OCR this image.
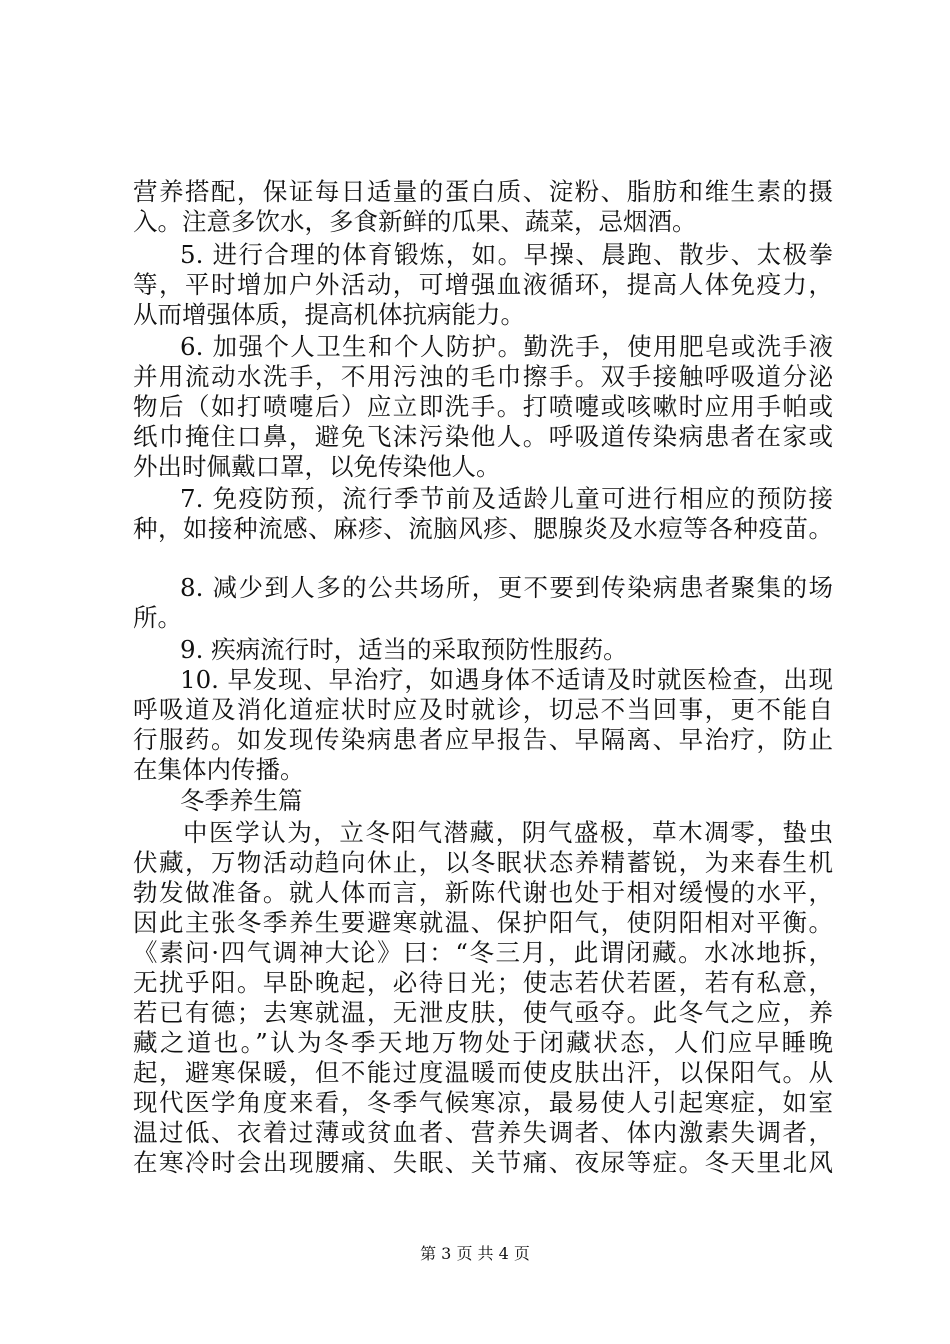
营养搭配，保证每日适量的蛋白质、淀粉、脂肪和维生素的摄
入。注意多饮水，多食新鲜的瓜果、蔬菜，忌烟酒。
5. 进行合理的体育锻炼，如。早操、晨跑、散步、太极拳
等，平时增加户外活动，可增强血液循环，提高人体免疫力，
从而增强体质，提高机体抗病能力。
6. 加强个人卫生和个人防护。勤洗手，使用肥皂或洗手液
并用流动水洗手，不用污浊的毛巾擦手。双手接触呼吸道分泌
物后（如打喷嚏后）应立即洗手。打喷嚏或咳嗽时应用手帕或
纸巾掩住口鼻，避免飞沫污染他人。呼吸道传染病患者在家或
外出时佩戴口罩，以免传染他人。
7. 免疫防预，流行季节前及适龄儿童可进行相应的预防接
种，如接种流感、麻疹、流脑风疹、腮腺炎及水痘等各种疫苗。
8. 减少到人多的公共场所，更不要到传染病患者聚集的场
所。
9. 疾病流行时，适当的采取预防性服药。
10. 早发现、早治疗，如遇身体不适请及时就医检查，出现
呼吸道及消化道症状时应及时就诊，切忌不当回事，更不能自
行服药。如发现传染病患者应早报告、早隔离、早治疗，防止
在集体内传播。
冬季养生篇
中医学认为，立冬阳气潜藏，阴气盛极，草木凋零，蛰虫
伏藏，万物活动趋向休止，以冬眠状态养精蓄锐，为来春生机
勃发做准备。就人体而言，新陈代谢也处于相对缓慢的水平，
因此主张冬季养生要避寒就温、保护阳气，使阴阳相对平衡。
《素问·四气调神大论》曰：“冬三月，此谓闭藏。水冰地拆，
无扰乎阳。早卧晚起，必待日光；使志若伏若匿，若有私意，
若已有德；去寒就温，无泄皮肤，使气亟夺。此冬气之应，养
藏之道也。”认为冬季天地万物处于闭藏状态，人们应早睡晚
起，避寒保暖，但不能过度温暖而使皮肤出汗，以保阳气。从
现代医学角度来看，冬季气候寒凉，最易使人引起寒症，如室
温过低、衣着过薄或贫血者、营养失调者、体内激素失调者，
在寒冷时会出现腰痛、失眠、关节痛、夜尿等症。冬天里北风
第 3 页 共 4 页
